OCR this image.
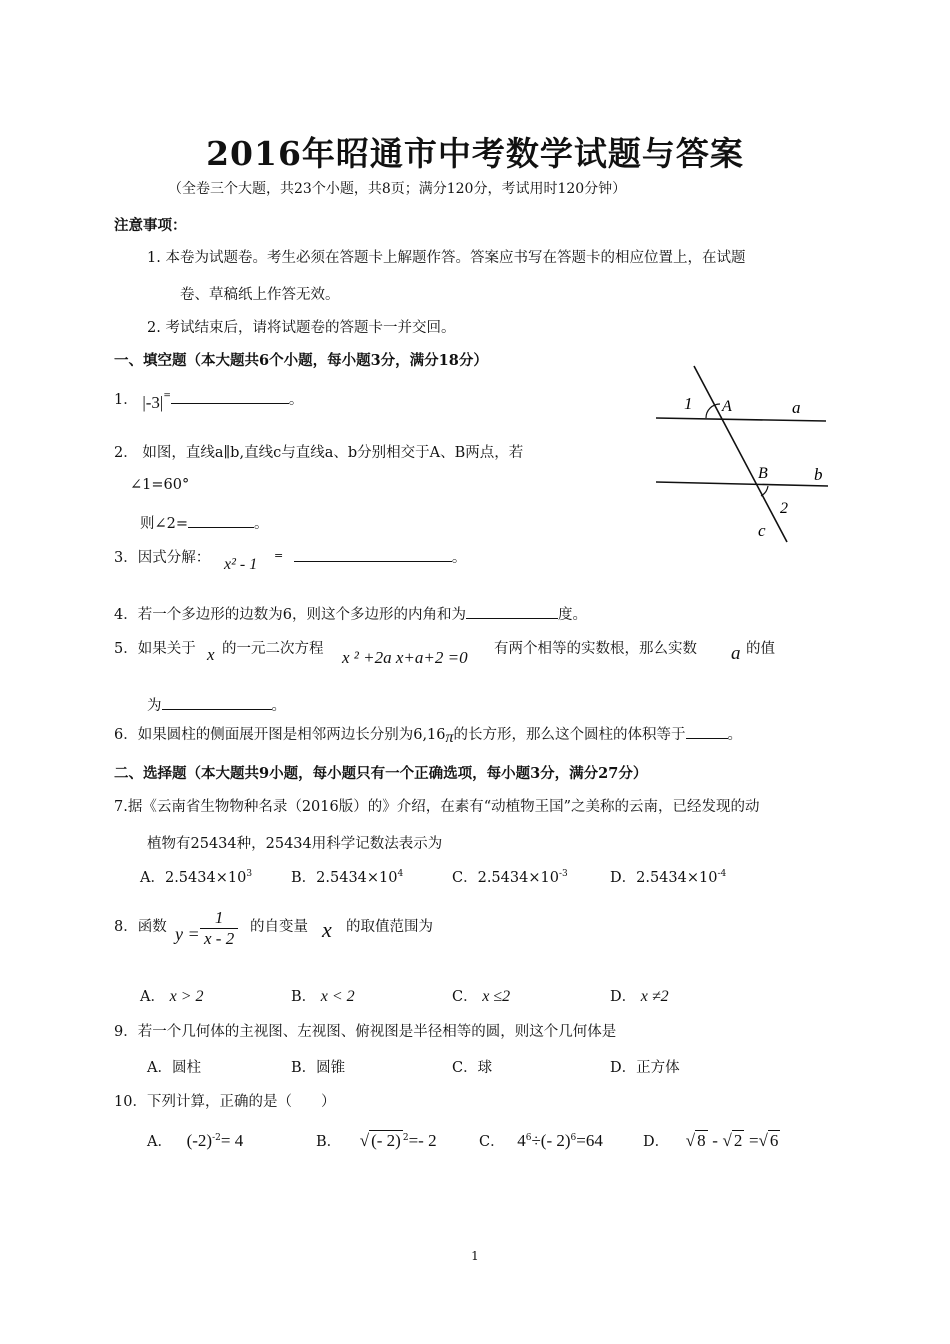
2016年昭通市中考数学试题与答案
（全卷三个大题，共23个小题，共8页；满分120分，考试用时120分钟）
注意事项：
1. 本卷为试题卷。考生必须在答题卡上解题作答。答案应书写在答题卡的相应位置上，在试题
卷、草稿纸上作答无效。
2. 考试结束后，请将试题卷的答题卡一并交回。
一、填空题（本大题共6个小题，每小题3分，满分18分）
1． |-3|=	。
2． 如图，直线a∥b,直线c与直线a、b分别相交于A、B两点，若
∠1=60°
则∠2=	。
1 A	a
B	b
2
c
3．因式分解： x² - 1
=	。
4．若一个多边形的边数为6，则这个多边形的内角和为	度。
5．如果关于 x 的一元二次方程 x ² +2a x+a+2 =0 有两个相等的实数根，那么实数 a 的值
为	。
6．如果圆柱的侧面展开图是相邻两边长分别为6,16π的长方形，那么这个圆柱的体积等于	。
二、选择题（本大题共9小题，每小题只有一个正确选项，每小题3分，满分27分）
7.据《云南省生物物种名录（2016版）的》介绍，在素有“动植物王国”之美称的云南，已经发现的动
植物有25434种，25434用科学记数法表示为
A．$2.5434\times 10^3$	B．$2.5434\times 10^4$	C．$2.5434\times 10^{-3}$	D．$2.5434\times 10^{-4}$
8．函数 $y = \frac{1}{x - 2}$ 的自变量 x 的取值范围为
A． x > 2	B． x < 2	C． x ≤2	D． x ≠2
9．若一个几何体的主视图、左视图、俯视图是半径相等的圆，则这个几何体是
A．圆柱	B．圆锥	C．球	D．正方体
10．下列计算，正确的是（　　）
A． $(-2)^{-2}= 4$	B． √ (- 2) $^2$=- 2	C． $4^6\div(-$ 2)$^6$=64	D． √ 8 - √ 2 =√ 6
1
